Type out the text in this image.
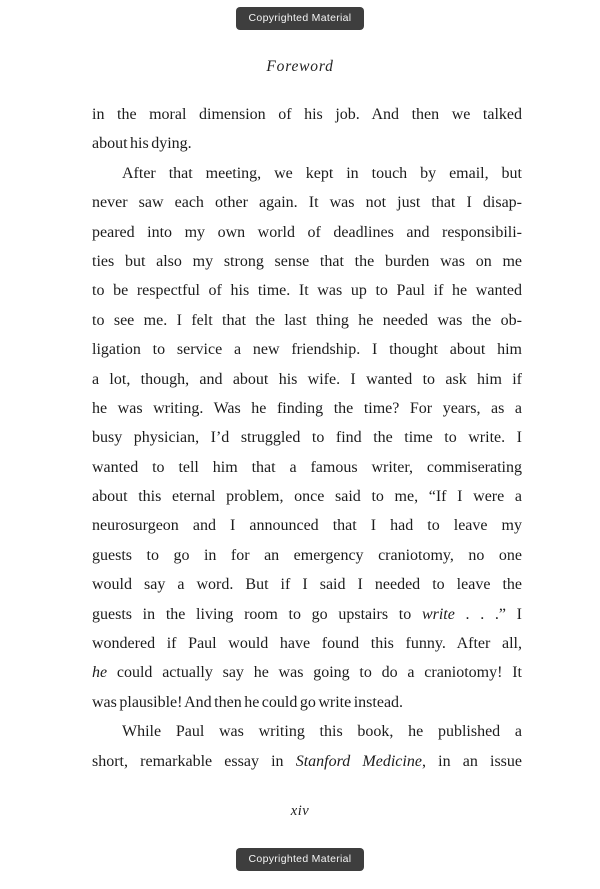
Copyrighted Material
Foreword
in the moral dimension of his job. And then we talked
about his dying.
After that meeting, we kept in touch by email, but
never saw each other again. It was not just that I disap-
peared into my own world of deadlines and responsibili-
ties but also my strong sense that the burden was on me
to be respectful of his time. It was up to Paul if he wanted
to see me. I felt that the last thing he needed was the ob-
ligation to service a new friendship. I thought about him
a lot, though, and about his wife. I wanted to ask him if
he was writing. Was he finding the time? For years, as a
busy physician, I’d struggled to find the time to write. I
wanted to tell him that a famous writer, commiserating
about this eternal problem, once said to me, “If I were a
neurosurgeon and I announced that I had to leave my
guests to go in for an emergency craniotomy, no one
would say a word. But if I said I needed to leave the
guests in the living room to go upstairs to write . . .” I
wondered if Paul would have found this funny. After all,
he could actually say he was going to do a craniotomy! It
was plausible! And then he could go write instead.
While Paul was writing this book, he published a
short, remarkable essay in Stanford Medicine, in an issue
xiv
Copyrighted Material
